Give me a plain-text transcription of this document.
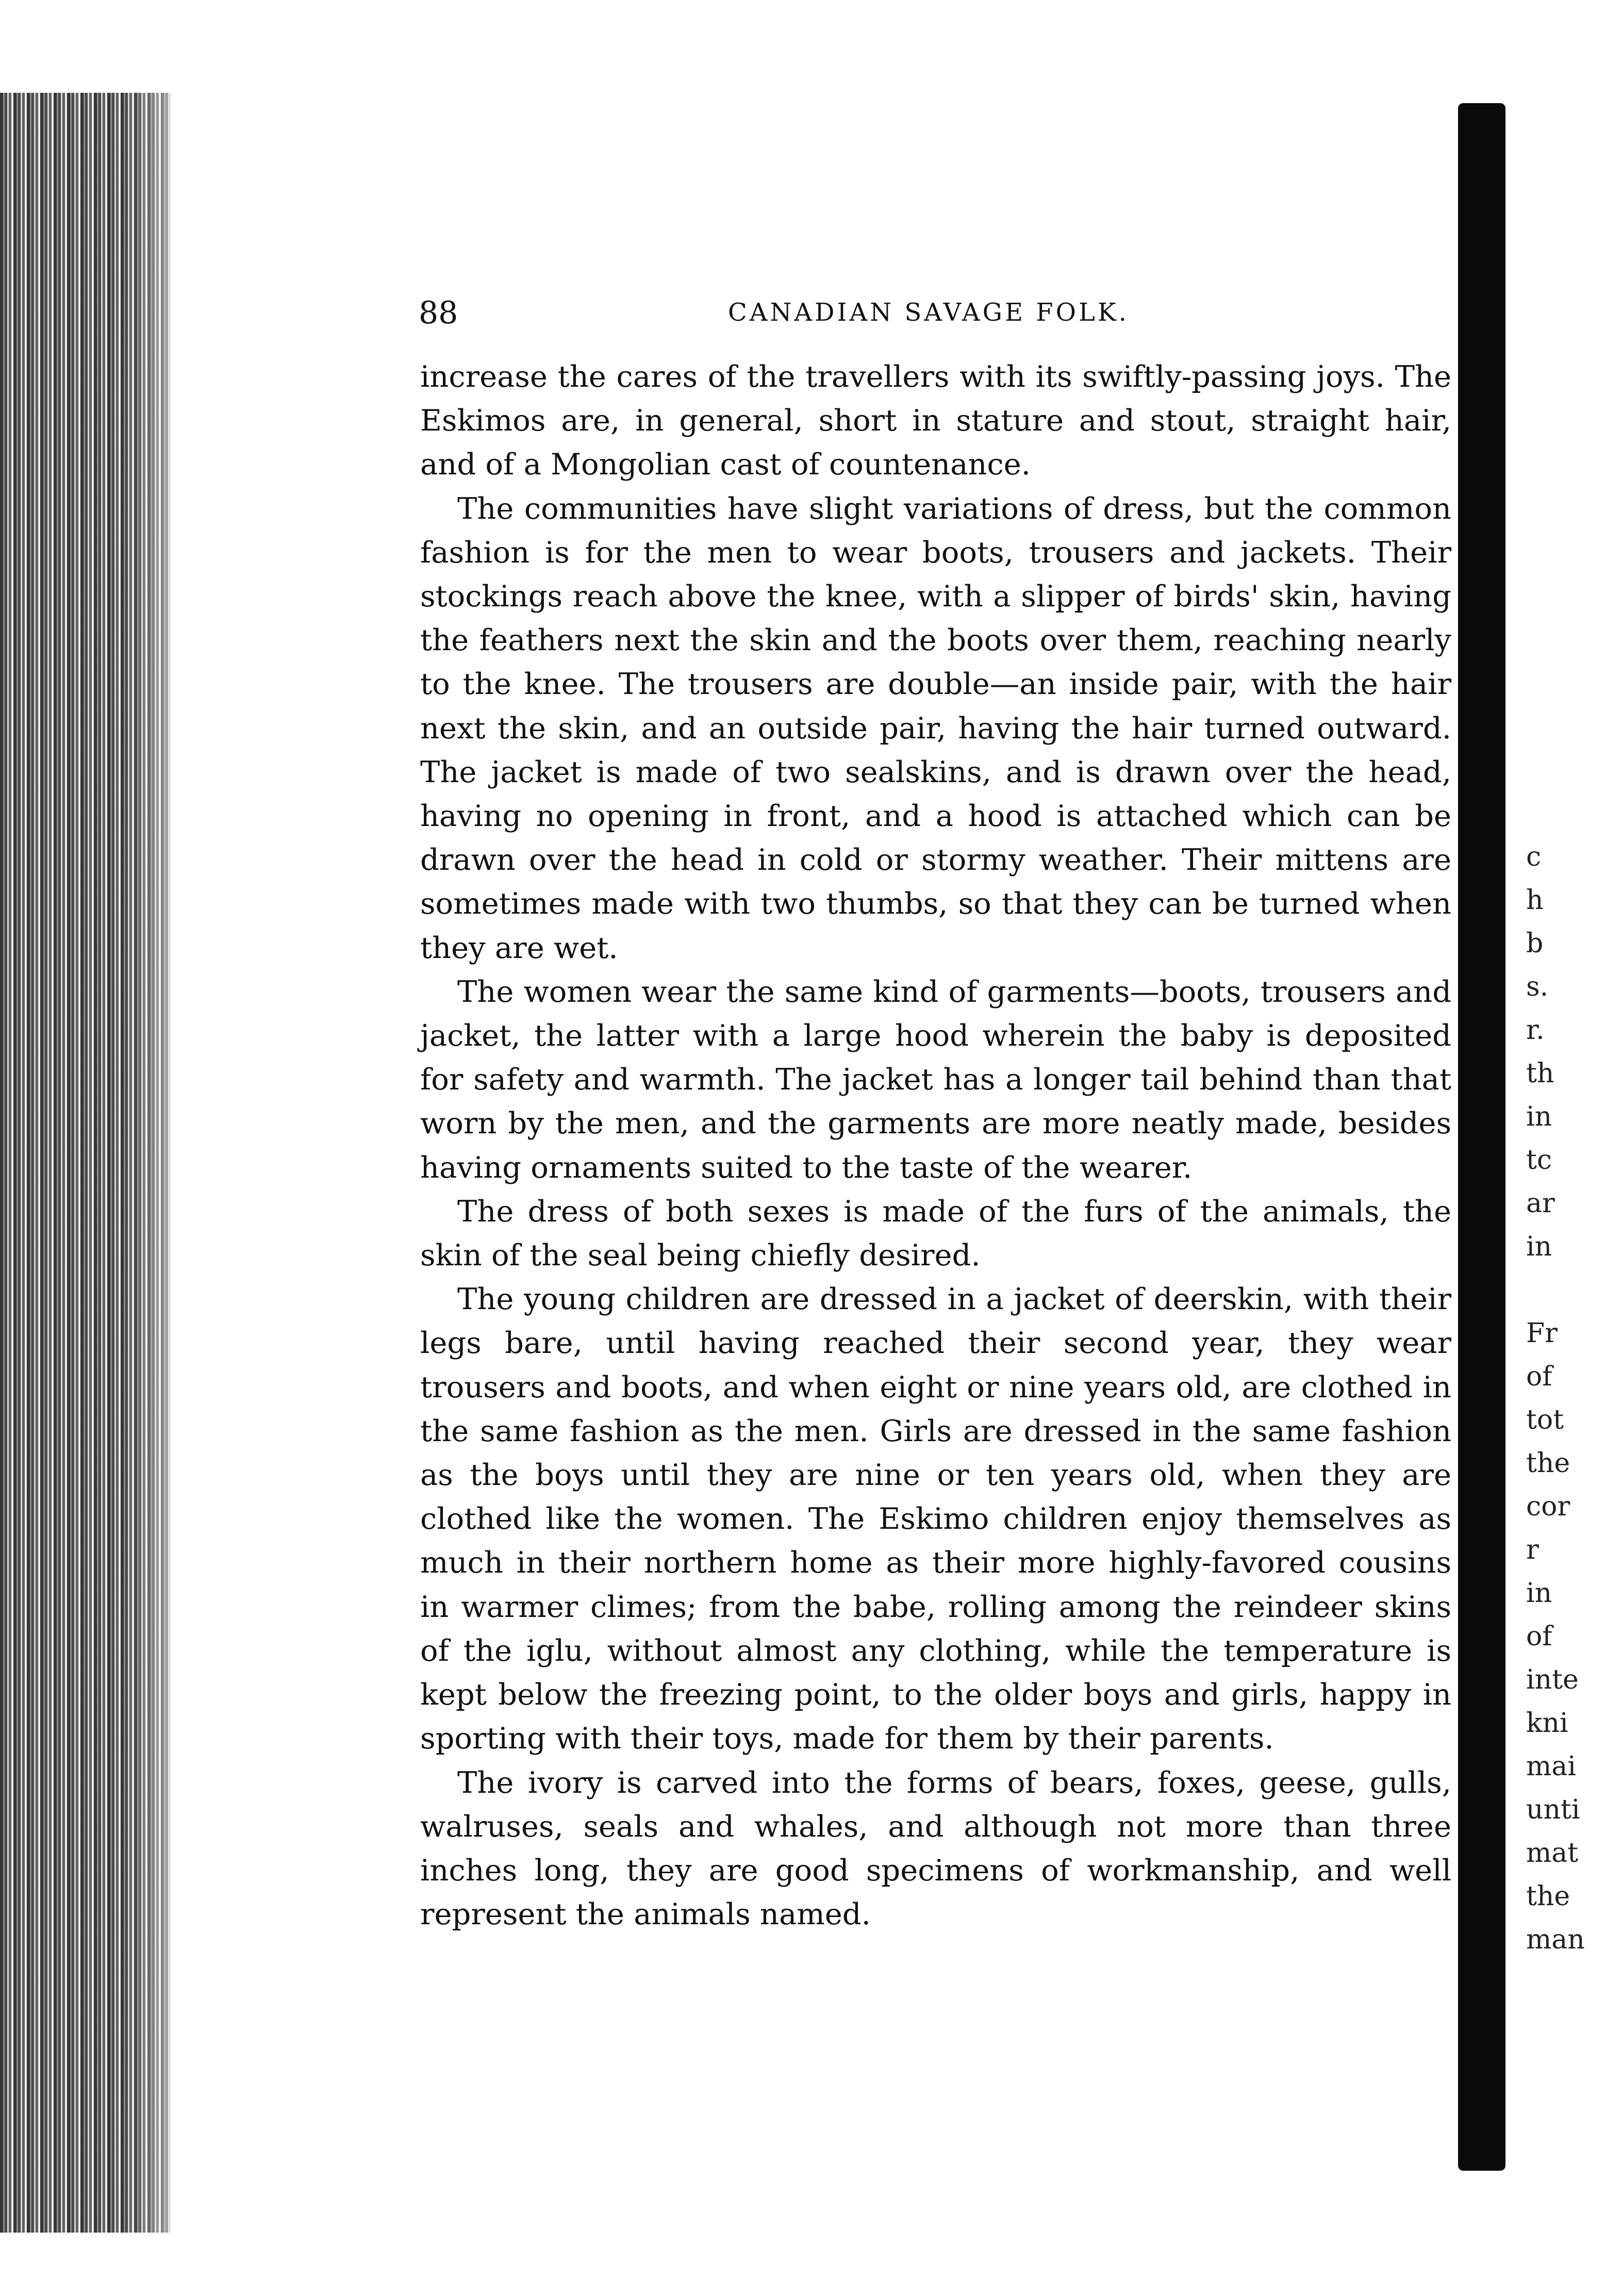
c
h
b
s.
r.
th
in
tc
ar
in
Fr
of
tot
the
cor
r
in
of
inte
kni
mai
unti
mat
the
man
88	CANADIAN SAVAGE FOLK.

increase the cares of the travellers with its swiftly-passing joys. The Eskimos are, in general, short in stature and stout, straight hair, and of a Mongolian cast of countenance.

The communities have slight variations of dress, but the common fashion is for the men to wear boots, trousers and jackets. Their stockings reach above the knee, with a slipper of birds' skin, having the feathers next the skin and the boots over them, reaching nearly to the knee. The trousers are double—an inside pair, with the hair next the skin, and an outside pair, having the hair turned outward. The jacket is made of two sealskins, and is drawn over the head, having no opening in front, and a hood is attached which can be drawn over the head in cold or stormy weather. Their mittens are sometimes made with two thumbs, so that they can be turned when they are wet.

The women wear the same kind of garments—boots, trousers and jacket, the latter with a large hood wherein the baby is deposited for safety and warmth. The jacket has a longer tail behind than that worn by the men, and the garments are more neatly made, besides having ornaments suited to the taste of the wearer.

The dress of both sexes is made of the furs of the animals, the skin of the seal being chiefly desired.

The young children are dressed in a jacket of deerskin, with their legs bare, until having reached their second year, they wear trousers and boots, and when eight or nine years old, are clothed in the same fashion as the men. Girls are dressed in the same fashion as the boys until they are nine or ten years old, when they are clothed like the women. The Eskimo children enjoy themselves as much in their northern home as their more highly-favored cousins in warmer climes; from the babe, rolling among the reindeer skins of the iglu, without almost any clothing, while the temperature is kept below the freezing point, to the older boys and girls, happy in sporting with their toys, made for them by their parents.

The ivory is carved into the forms of bears, foxes, geese, gulls, walruses, seals and whales, and although not more than three inches long, they are good specimens of workmanship, and well represent the animals named.
